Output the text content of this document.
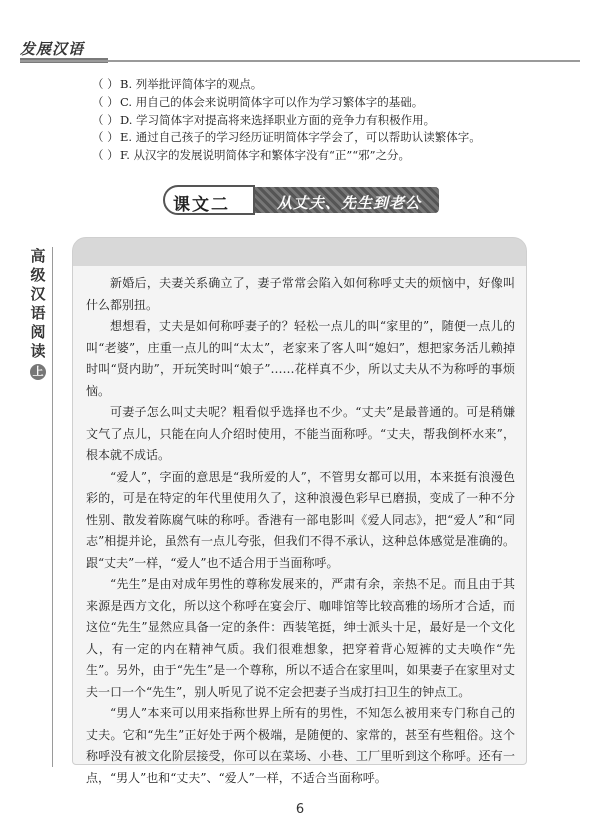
发展汉语
（ ）B. 列举批评简体字的观点。
（ ）C. 用自己的体会来说明简体字可以作为学习繁体字的基础。
（ ）D. 学习简体字对提高将来选择职业方面的竞争力有积极作用。
（ ）E. 通过自己孩子的学习经历证明简体字学会了，可以帮助认读繁体字。
（ ）F. 从汉字的发展说明简体字和繁体字没有“正”“邪”之分。
课文二	从丈夫、先生到老公
高
级
汉
语
阅
读
上

新婚后，夫妻关系确立了，妻子常常会陷入如何称呼丈夫的烦恼中，好像叫什么都别扭。

想想看，丈夫是如何称呼妻子的？轻松一点儿的叫“家里的”，随便一点儿的叫“老婆”，庄重一点儿的叫“太太”，老家来了客人叫“媳妇”，想把家务活儿赖掉时叫“贤内助”，开玩笑时叫“娘子”……花样真不少，所以丈夫从不为称呼的事烦恼。

可妻子怎么叫丈夫呢？粗看似乎选择也不少。“丈夫”是最普通的。可是稍嫌文气了点儿，只能在向人介绍时使用，不能当面称呼。“丈夫，帮我倒杯水来”，根本就不成话。

“爱人”，字面的意思是“我所爱的人”，不管男女都可以用，本来挺有浪漫色彩的，可是在特定的年代里使用久了，这种浪漫色彩早已磨损，变成了一种不分性别、散发着陈腐气味的称呼。香港有一部电影叫《爱人同志》，把“爱人”和“同志”相提并论，虽然有一点儿夸张，但我们不得不承认，这种总体感觉是准确的。跟“丈夫”一样，“爱人”也不适合用于当面称呼。

“先生”是由对成年男性的尊称发展来的，严肃有余，亲热不足。而且由于其来源是西方文化，所以这个称呼在宴会厅、咖啡馆等比较高雅的场所才合适，而这位“先生”显然应具备一定的条件：西装笔挺，绅士派头十足，最好是一个文化人，有一定的内在精神气质。我们很难想象，把穿着背心短裤的丈夫唤作“先生”。另外，由于“先生”是一个尊称，所以不适合在家里叫，如果妻子在家里对丈夫一口一个“先生”，别人听见了说不定会把妻子当成打扫卫生的钟点工。

“男人”本来可以用来指称世界上所有的男性，不知怎么被用来专门称自己的丈夫。它和“先生”正好处于两个极端，是随便的、家常的，甚至有些粗俗。这个称呼没有被文化阶层接受，你可以在菜场、小巷、工厂里听到这个称呼。还有一点，“男人”也和“丈夫”、“爱人”一样，不适合当面称呼。

6
